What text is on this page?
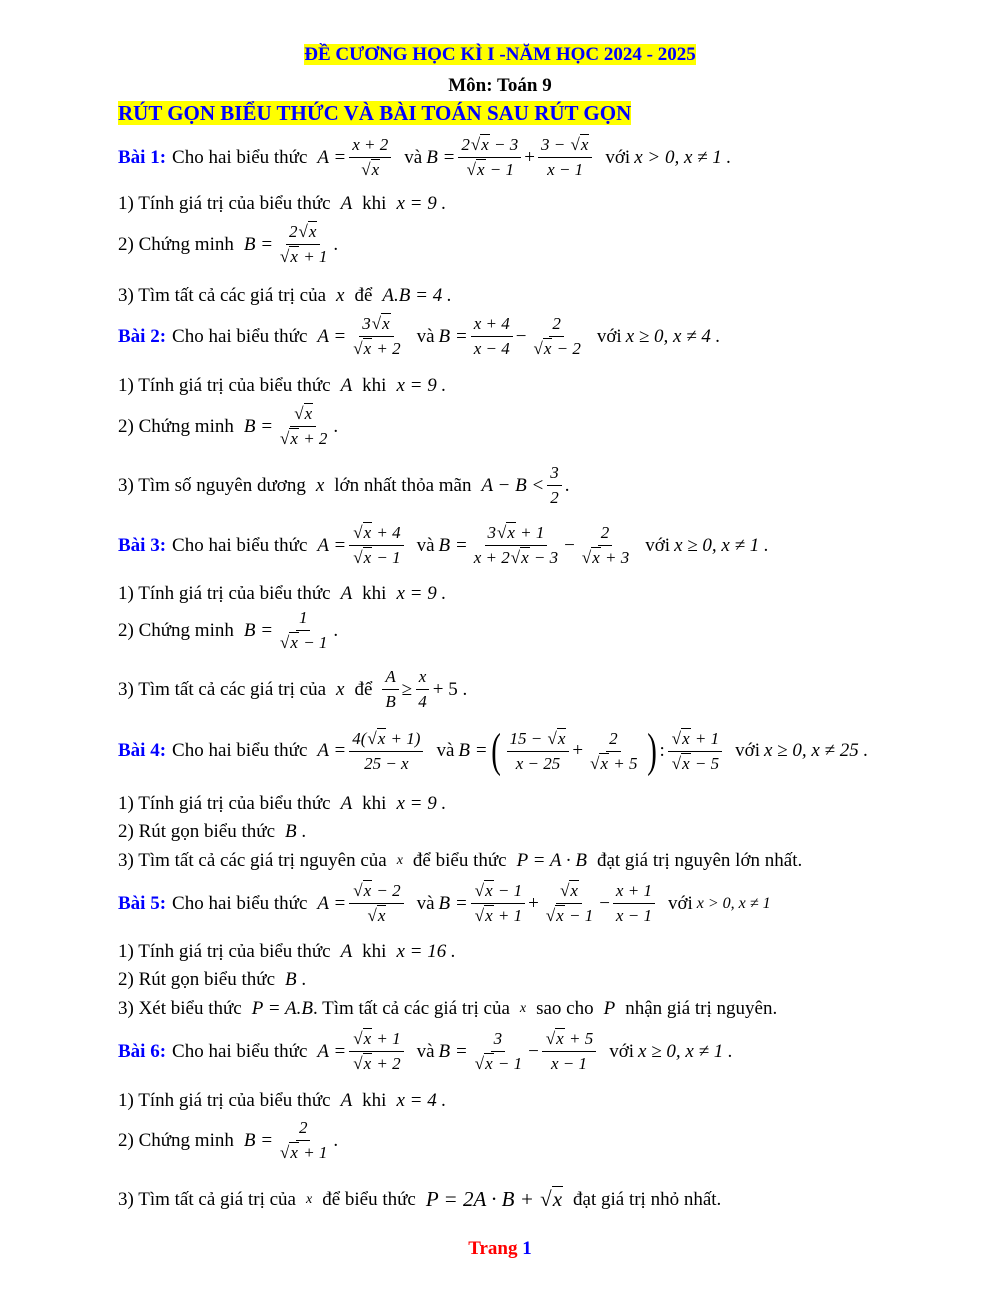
ĐỀ CƯƠNG HỌC KÌ I -NĂM HỌC 2024 - 2025
Môn: Toán 9
RÚT GỌN BIỂU THỨC VÀ BÀI TOÁN SAU RÚT GỌN
Bài 1: Cho hai biểu thức $A = \frac{x + 2}{√x}$ và $B = \frac{2√x - 3}{√x - 1} + \frac{3 - √x}{x - 1}$ với x > 0, x ≠ 1 .
1) Tính giá trị của biểu thức A khi x = 9 .
2) Chứng minh $B = \frac{2√x}{√x + 1}$ .
3) Tìm tất cả các giá trị của x để A.B = 4 .
Bài 2: Cho hai biểu thức $A = \frac{3√x}{√x + 2}$ và $B = \frac{x + 4}{x - 4} - \frac{2}{√x - 2}$ với x ≥ 0, x ≠ 4 .
1) Tính giá trị của biểu thức A khi x = 9 .
2) Chứng minh $B = \frac{√x}{√x + 2}$ .
3) Tìm số nguyên dương x lớn nhất thỏa mãn $A - B < \frac{3}{2}$ .
Bài 3: Cho hai biểu thức $A = \frac{√x + 4}{√x - 1}$ và $B = \frac{3√x + 1}{x + 2√x - 3} - \frac{2}{√x + 3}$ với x ≥ 0, x ≠ 1 .
1) Tính giá trị của biểu thức A khi x = 9 .
2) Chứng minh $B = \frac{1}{√x - 1}$ .
3) Tìm tất cả các giá trị của x để $\frac{A}{B} \ge \frac{x}{4} + 5$ .
Bài 4: Cho hai biểu thức $A = \frac{4(√x + 1)}{25 - x}$ và B = ( $\frac{15 - √x}{x - 25} + \frac{2}{√x + 5}$ ) : $\frac{√x + 1}{√x - 5}$ với x ≥ 0, x ≠ 25 .
1) Tính giá trị của biểu thức A khi x = 9 .
2) Rút gọn biểu thức B .
3) Tìm tất cả các giá trị nguyên của x để biểu thức P = A · B đạt giá trị nguyên lớn nhất.
Bài 5: Cho hai biểu thức $A = \frac{√x - 2}{√x}$ và $B = \frac{√x - 1}{√x + 1} + \frac{√x}{√x - 1} - \frac{x + 1}{x - 1}$ với x > 0, x ≠ 1
1) Tính giá trị của biểu thức A khi x = 16 .
2) Rút gọn biểu thức B .
3) Xét biểu thức P = A.B . Tìm tất cả các giá trị của x sao cho P nhận giá trị nguyên.
Bài 6: Cho hai biểu thức $A = \frac{√x + 1}{√x + 2}$ và $B = \frac{3}{√x - 1} - \frac{√x + 5}{x - 1}$ với x ≥ 0, x ≠ 1 .
1) Tính giá trị của biểu thức A khi x = 4 .
2) Chứng minh $B = \frac{2}{√x + 1}$ .
3) Tìm tất cả giá trị của x để biểu thức P = 2A · B + √x đạt giá trị nhỏ nhất.
Trang 1
